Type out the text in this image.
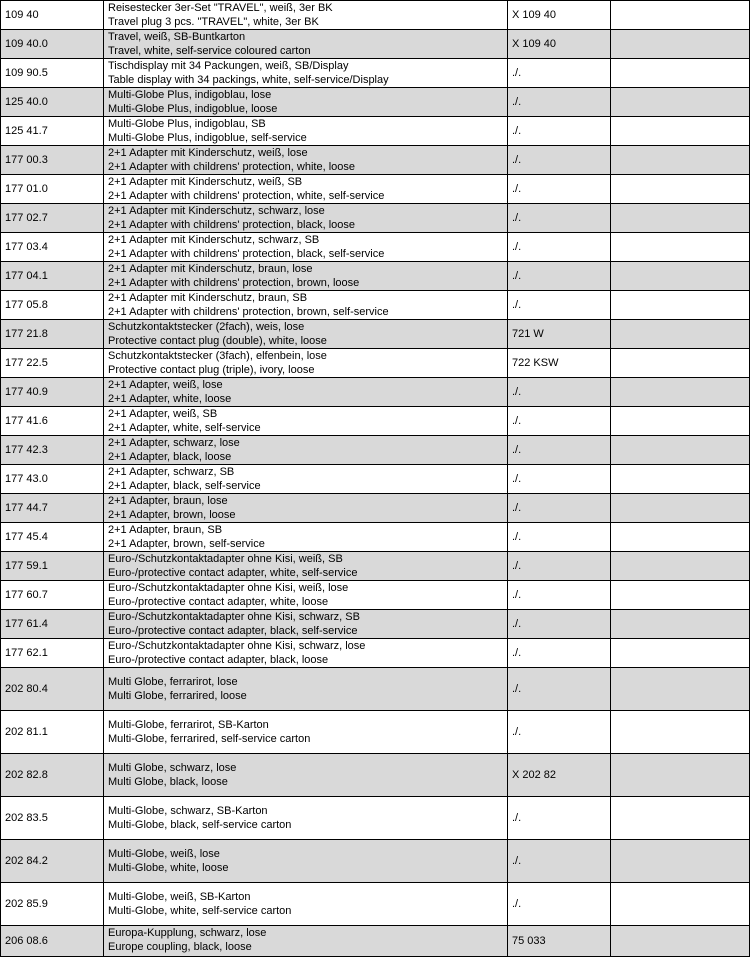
109 40	Reisestecker 3er-Set "TRAVEL", weiß, 3er BK
Travel plug 3 pcs. "TRAVEL", white, 3er BK	X 109 40	
109 40.0	Travel, weiß, SB-Buntkarton
Travel, white, self-service coloured carton	X 109 40	
109 90.5	Tischdisplay mit 34 Packungen, weiß, SB/Display
Table display with 34 packings, white, self-service/Display	./.	
125 40.0	Multi-Globe Plus, indigoblau, lose
Multi-Globe Plus, indigoblue, loose	./.	
125 41.7	Multi-Globe Plus, indigoblau, SB
Multi-Globe Plus, indigoblue, self-service	./.	
177 00.3	2+1 Adapter mit Kinderschutz, weiß, lose
2+1 Adapter with childrens' protection, white, loose	./.	
177 01.0	2+1 Adapter mit Kinderschutz, weiß, SB
2+1 Adapter with childrens' protection, white, self-service	./.	
177 02.7	2+1 Adapter mit Kinderschutz, schwarz, lose
2+1 Adapter with childrens' protection, black, loose	./.	
177 03.4	2+1 Adapter mit Kinderschutz, schwarz, SB
2+1 Adapter with childrens' protection, black, self-service	./.	
177 04.1	2+1 Adapter mit Kinderschutz, braun, lose
2+1 Adapter with childrens' protection, brown, loose	./.	
177 05.8	2+1 Adapter mit Kinderschutz, braun, SB
2+1 Adapter with childrens' protection, brown, self-service	./.	
177 21.8	Schutzkontaktstecker (2fach), weis, lose
Protective contact plug (double), white, loose	721 W	
177 22.5	Schutzkontaktstecker (3fach), elfenbein, lose
Protective contact plug (triple), ivory, loose	722 KSW	
177 40.9	2+1 Adapter, weiß, lose
2+1 Adapter, white, loose	./.	
177 41.6	2+1 Adapter, weiß, SB
2+1 Adapter, white, self-service	./.	
177 42.3	2+1 Adapter, schwarz, lose
2+1 Adapter, black, loose	./.	
177 43.0	2+1 Adapter, schwarz, SB
2+1 Adapter, black, self-service	./.	
177 44.7	2+1 Adapter, braun, lose
2+1 Adapter, brown, loose	./.	
177 45.4	2+1 Adapter, braun, SB
2+1 Adapter, brown, self-service	./.	
177 59.1	Euro-/Schutzkontaktadapter ohne Kisi, weiß, SB
Euro-/protective contact adapter, white, self-service	./.	
177 60.7	Euro-/Schutzkontaktadapter ohne Kisi, weiß, lose
Euro-/protective contact adapter, white, loose	./.	
177 61.4	Euro-/Schutzkontaktadapter ohne Kisi, schwarz, SB
Euro-/protective contact adapter, black, self-service	./.	
177 62.1	Euro-/Schutzkontaktadapter ohne Kisi, schwarz, lose
Euro-/protective contact adapter, black, loose	./.	
202 80.4	Multi Globe, ferrarirot, lose
Multi Globe, ferrarired, loose	./.	
202 81.1	Multi-Globe, ferrarirot, SB-Karton
Multi-Globe, ferrarired, self-service carton	./.	
202 82.8	Multi Globe, schwarz, lose
Multi Globe, black, loose	X 202 82	
202 83.5	Multi-Globe, schwarz, SB-Karton
Multi-Globe, black, self-service carton	./.	
202 84.2	Multi-Globe, weiß, lose
Multi-Globe, white, loose	./.	
202 85.9	Multi-Globe, weiß, SB-Karton
Multi-Globe, white, self-service carton	./.	
206 08.6	Europa-Kupplung, schwarz, lose
Europe coupling, black, loose	75 033	
